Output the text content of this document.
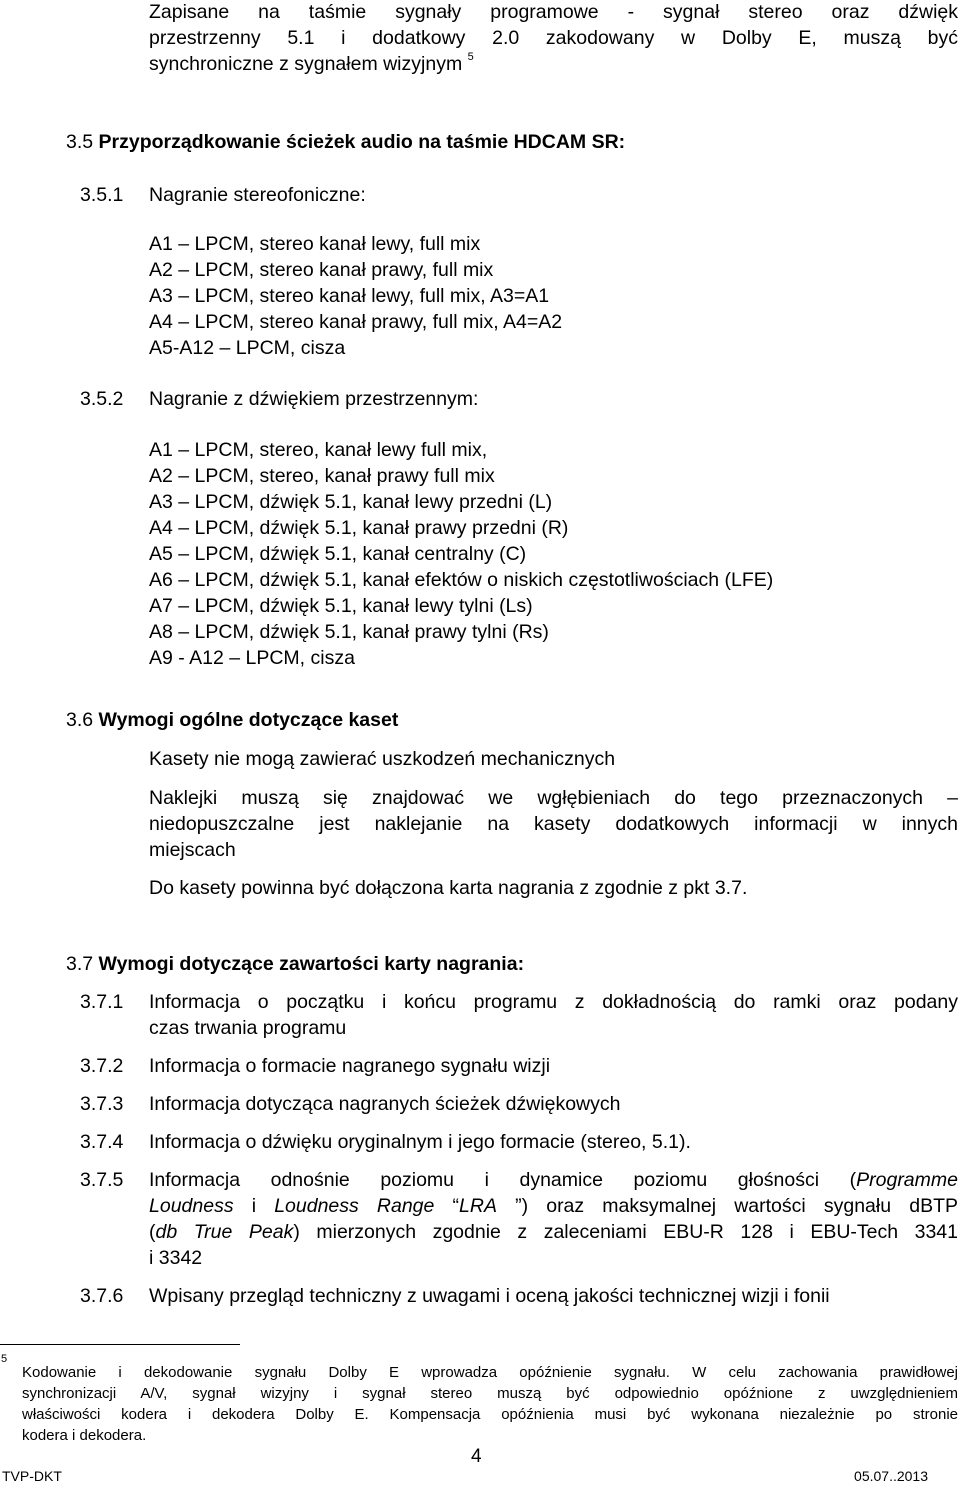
Zapisane na taśmie sygnały programowe - sygnał stereo oraz dźwięk
przestrzenny 5.1 i dodatkowy 2.0 zakodowany w Dolby E, muszą być
synchroniczne z sygnałem wizyjnym $^5$
3.5 Przyporządkowanie ścieżek audio na taśmie HDCAM SR:
3.5.1 Nagranie stereofoniczne:
A1 – LPCM, stereo kanał lewy, full mix
A2 – LPCM, stereo kanał prawy, full mix
A3 – LPCM, stereo kanał lewy, full mix, A3=A1
A4 – LPCM, stereo kanał prawy, full mix, A4=A2
A5-A12 – LPCM, cisza
3.5.2 Nagranie z dźwiękiem przestrzennym:
A1 – LPCM, stereo, kanał lewy full mix,
A2 – LPCM, stereo, kanał prawy full mix
A3 – LPCM, dźwięk 5.1, kanał lewy przedni (L)
A4 – LPCM, dźwięk 5.1, kanał prawy przedni (R)
A5 – LPCM, dźwięk 5.1, kanał centralny (C)
A6 – LPCM, dźwięk 5.1, kanał efektów o niskich częstotliwościach (LFE)
A7 – LPCM, dźwięk 5.1, kanał lewy tylni (Ls)
A8 – LPCM, dźwięk 5.1, kanał prawy tylni (Rs)
A9 - A12 – LPCM, cisza
3.6 Wymogi ogólne dotyczące kaset
Kasety nie mogą zawierać uszkodzeń mechanicznych
Naklejki muszą się znajdować we wgłębieniach do tego przeznaczonych –
niedopuszczalne jest naklejanie na kasety dodatkowych informacji w innych
miejscach
Do kasety powinna być dołączona karta nagrania z zgodnie z pkt 3.7.
3.7 Wymogi dotyczące zawartości karty nagrania:
3.7.1 Informacja o początku i końcu programu z dokładnością do ramki oraz podany
czas trwania programu
3.7.2 Informacja o formacie nagranego sygnału wizji
3.7.3 Informacja dotycząca nagranych ścieżek dźwiękowych
3.7.4 Informacja o dźwięku oryginalnym i jego formacie (stereo, 5.1).
3.7.5 Informacja odnośnie poziomu i dynamice poziomu głośności (Programme
Loudness i Loudness Range “LRA ”) oraz maksymalnej wartości sygnału dBTP
(db True Peak) mierzonych zgodnie z zaleceniami EBU-R 128 i EBU-Tech 3341
i 3342
3.7.6 Wpisany przegląd techniczny z uwagami i oceną jakości technicznej wizji i fonii
5
Kodowanie i dekodowanie sygnału Dolby E wprowadza opóźnienie sygnału. W celu zachowania prawidłowej
synchronizacji A/V, sygnał wizyjny i sygnał stereo muszą być odpowiednio opóźnione z uwzględnieniem
właściwości kodera i dekodera Dolby E. Kompensacja opóźnienia musi być wykonana niezależnie po stronie
kodera i dekodera.
4
TVP-DKT	05.07..2013
